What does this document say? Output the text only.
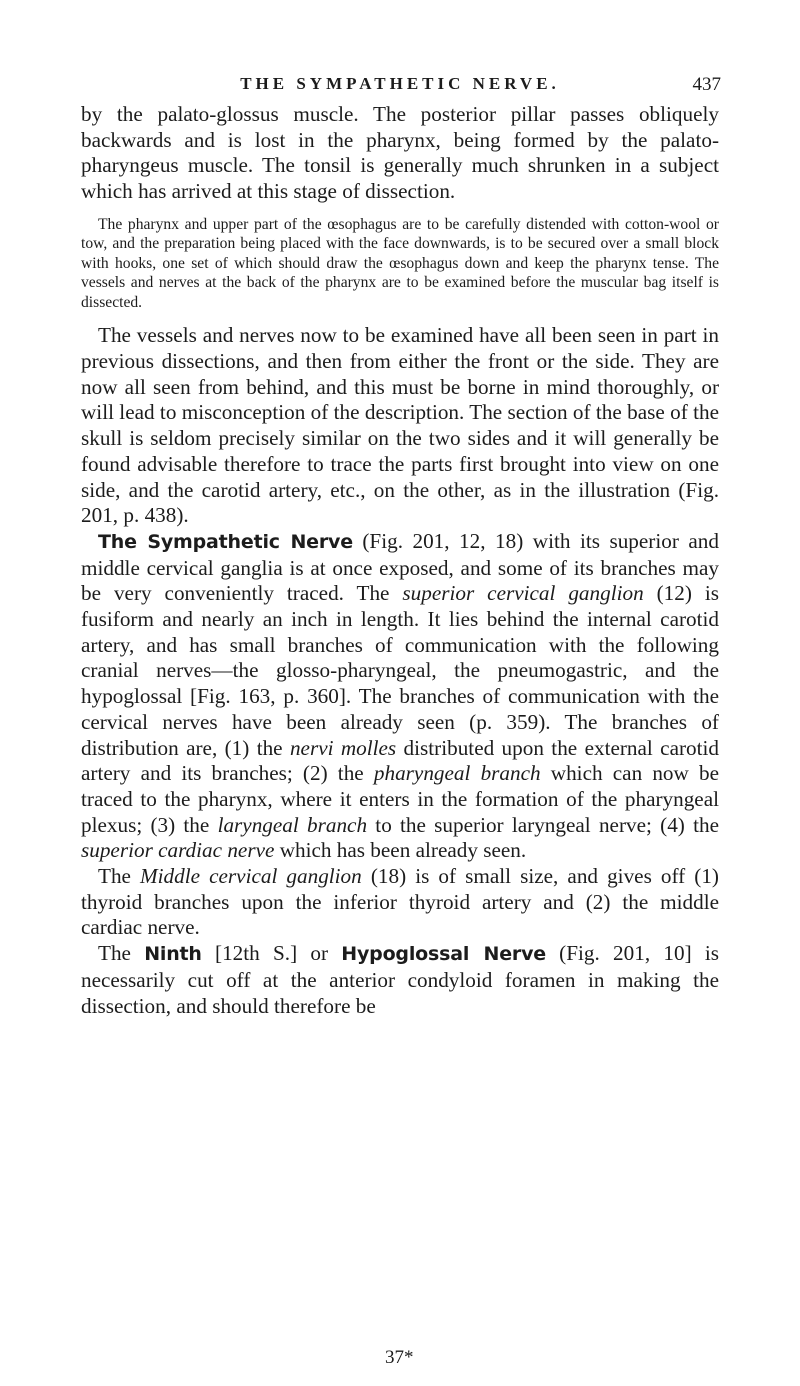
THE SYMPATHETIC NERVE.	437

by the palato-glossus muscle. The posterior pillar passes obliquely backwards and is lost in the pharynx, being formed by the palato-pharyngeus muscle. The tonsil is generally much shrunken in a subject which has arrived at this stage of dissection.

The pharynx and upper part of the œsophagus are to be carefully distended with cotton-wool or tow, and the preparation being placed with the face downwards, is to be secured over a small block with hooks, one set of which should draw the œsophagus down and keep the pharynx tense. The vessels and nerves at the back of the pharynx are to be examined before the muscular bag itself is dissected.

The vessels and nerves now to be examined have all been seen in part in previous dissections, and then from either the front or the side. They are now all seen from behind, and this must be borne in mind thoroughly, or will lead to misconception of the description. The section of the base of the skull is seldom precisely similar on the two sides and it will generally be found advisable therefore to trace the parts first brought into view on one side, and the carotid artery, etc., on the other, as in the illustration (Fig. 201, p. 438).

The Sympathetic Nerve (Fig. 201, 12, 18) with its superior and middle cervical ganglia is at once exposed, and some of its branches may be very conveniently traced. The superior cervical ganglion (12) is fusiform and nearly an inch in length. It lies behind the internal carotid artery, and has small branches of communication with the following cranial nerves—the glosso-pharyngeal, the pneumogastric, and the hypoglossal [Fig. 163, p. 360]. The branches of communication with the cervical nerves have been already seen (p. 359). The branches of distribution are, (1) the nervi molles distributed upon the external carotid artery and its branches; (2) the pharyngeal branch which can now be traced to the pharynx, where it enters in the formation of the pharyngeal plexus; (3) the laryngeal branch to the superior laryngeal nerve; (4) the superior cardiac nerve which has been already seen.

The Middle cervical ganglion (18) is of small size, and gives off (1) thyroid branches upon the inferior thyroid artery and (2) the middle cardiac nerve.

The Ninth [12th S.] or Hypoglossal Nerve (Fig. 201, 10] is necessarily cut off at the anterior condyloid foramen in making the dissection, and should therefore be

37*
